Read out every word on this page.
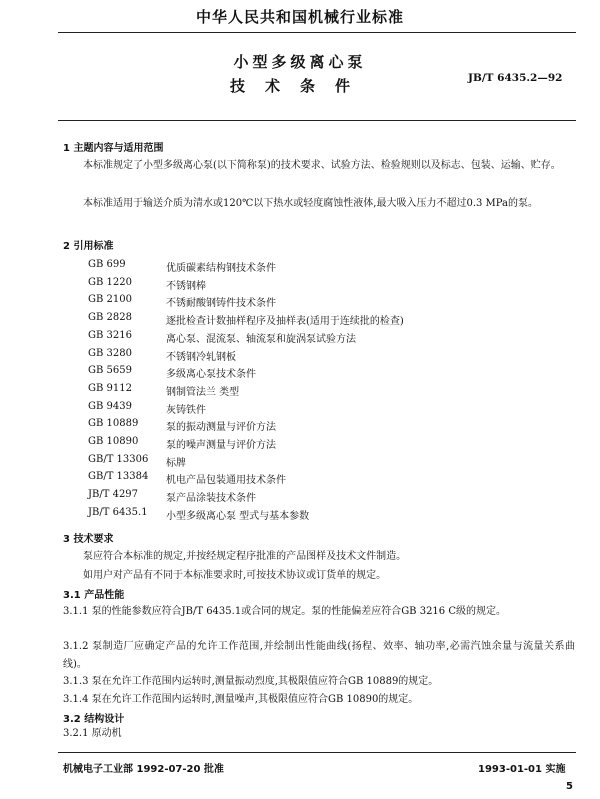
中华人民共和国机械行业标准
小型多级离心泵
技术条件	JB/T 6435.2—92
1 主题内容与适用范围
本标准规定了小型多级离心泵(以下简称泵)的技术要求、试验方法、检验规则以及标志、包装、运输、贮存。
本标准适用于输送介质为清水或120℃以下热水或轻度腐蚀性液体,最大吸入压力不超过0.3 MPa的泵。
2 引用标准
GB 699	优质碳素结构钢技术条件
GB 1220	不锈钢棒
GB 2100	不锈耐酸钢铸件技术条件
GB 2828	逐批检查计数抽样程序及抽样表(适用于连续批的检查)
GB 3216	离心泵、混流泵、轴流泵和旋涡泵试验方法
GB 3280	不锈钢冷轧钢板
GB 5659	多级离心泵技术条件
GB 9112	钢制管法兰 类型
GB 9439	灰铸铁件
GB 10889	泵的振动测量与评价方法
GB 10890	泵的噪声测量与评价方法
GB/T 13306 标牌
GB/T 13384 机电产品包装通用技术条件
JB/T 4297	泵产品涂装技术条件
JB/T 6435.1 小型多级离心泵 型式与基本参数
3 技术要求
泵应符合本标准的规定,并按经规定程序批准的产品图样及技术文件制造。
如用户对产品有不同于本标准要求时,可按技术协议或订货单的规定。
3.1 产品性能
3.1.1 泵的性能参数应符合JB/T 6435.1或合同的规定。泵的性能偏差应符合GB 3216 C级的规定。
3.1.2 泵制造厂应确定产品的允许工作范围,并绘制出性能曲线(扬程、效率、轴功率,必需汽蚀余量与流量关系曲线)。
3.1.3 泵在允许工作范围内运转时,测量振动烈度,其极限值应符合GB 10889的规定。
3.1.4 泵在允许工作范围内运转时,测量噪声,其极限值应符合GB 10890的规定。
3.2 结构设计
3.2.1 原动机
机械电子工业部 1992-07-20 批准	1993-01-01 实施
5
